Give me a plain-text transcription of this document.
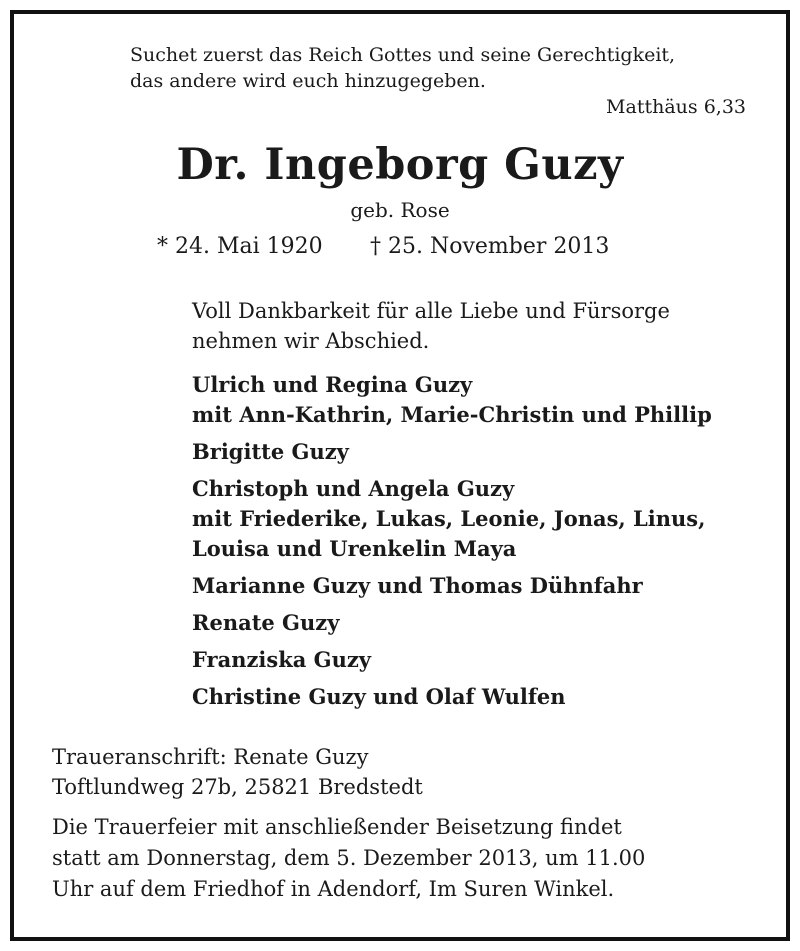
Suchet zuerst das Reich Gottes und seine Gerechtigkeit,
das andere wird euch hinzugegeben.
Matthäus 6,33
Dr. Ingeborg Guzy
geb. Rose
* 24. Mai 1920 † 25. November 2013
Voll Dankbarkeit für alle Liebe und Fürsorge
nehmen wir Abschied.
Ulrich und Regina Guzy
mit Ann-Kathrin, Marie-Christin und Phillip
Brigitte Guzy
Christoph und Angela Guzy
mit Friederike, Lukas, Leonie, Jonas, Linus,
Louisa und Urenkelin Maya
Marianne Guzy und Thomas Dühnfahr
Renate Guzy
Franziska Guzy
Christine Guzy und Olaf Wulfen
Traueranschrift: Renate Guzy
Toftlundweg 27b, 25821 Bredstedt
Die Trauerfeier mit anschließender Beisetzung findet
statt am Donnerstag, dem 5. Dezember 2013, um 11.00
Uhr auf dem Friedhof in Adendorf, Im Suren Winkel.
